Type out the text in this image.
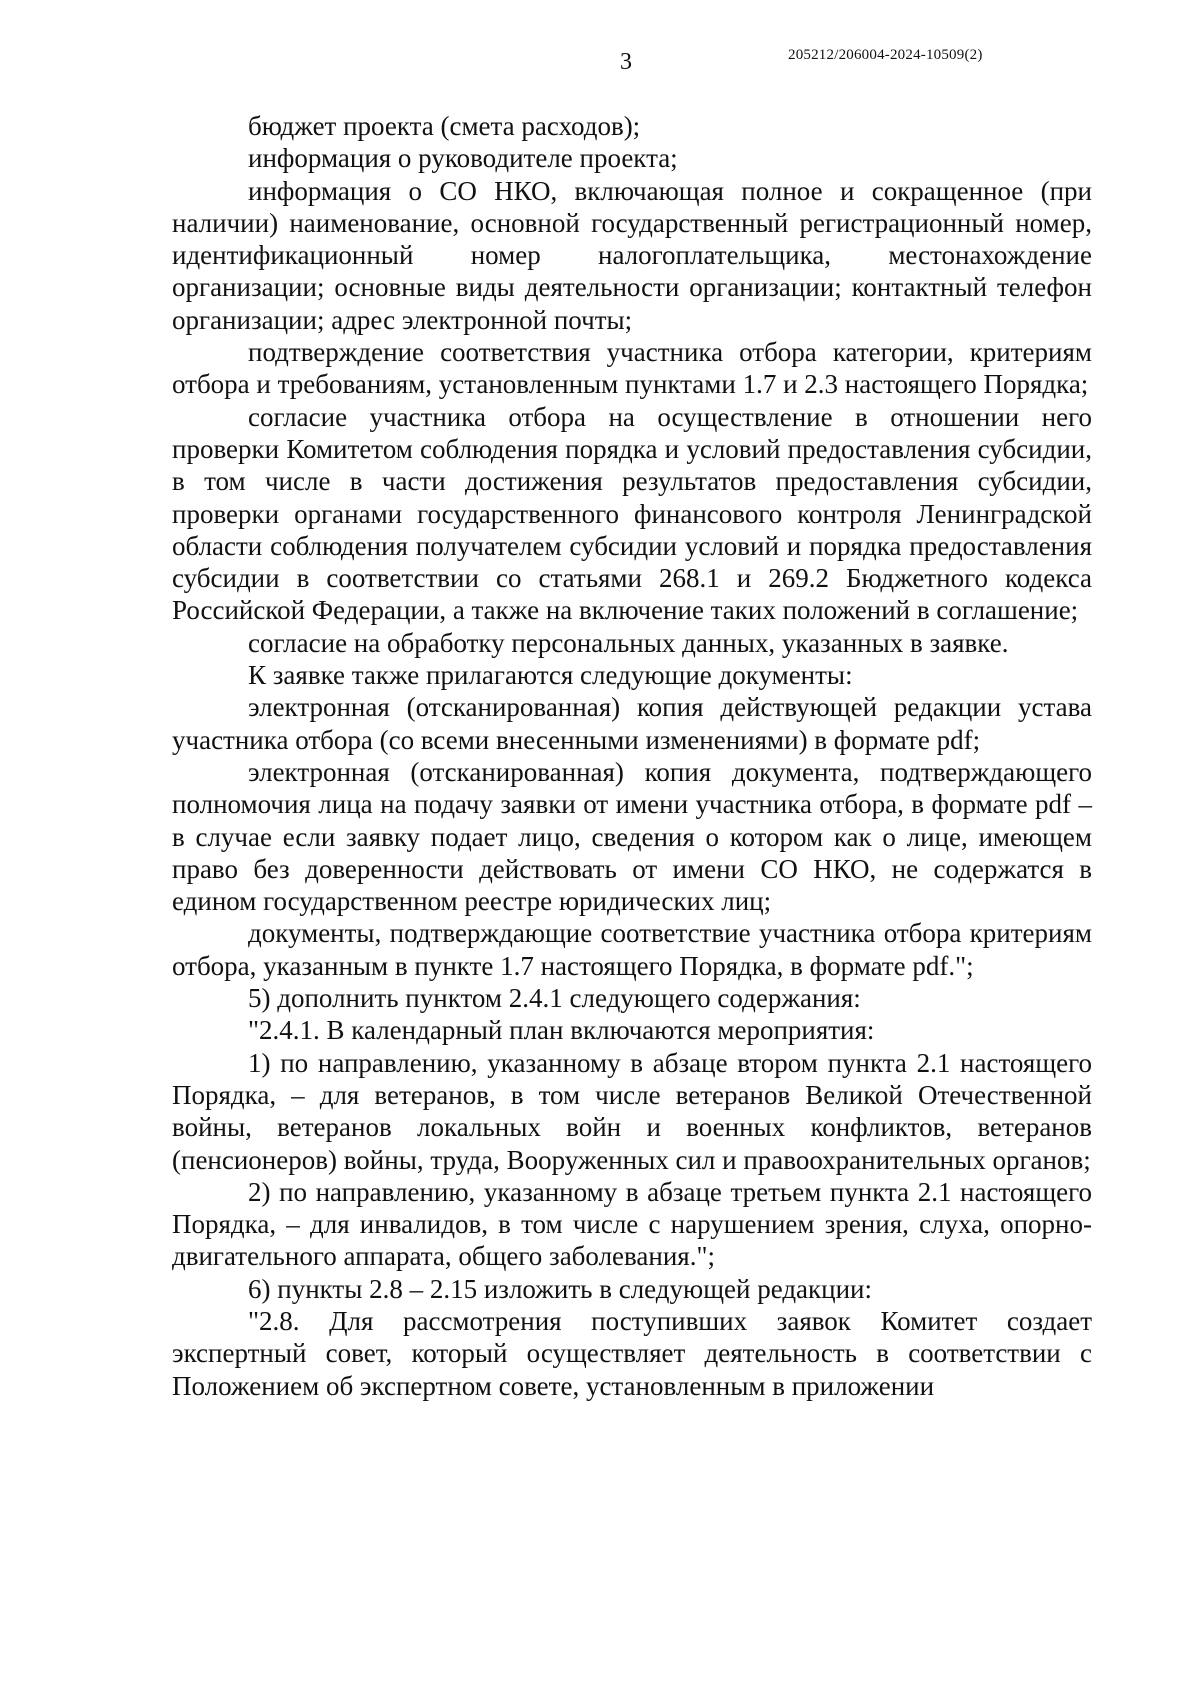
3	205212/206004-2024-10509(2)

бюджет проекта (смета расходов);

информация о руководителе проекта;

информация о СО НКО, включающая полное и сокращенное (при наличии) наименование, основной государственный регистрационный номер, идентификационный номер налогоплательщика, местонахождение организации; основные виды деятельности организации; контактный телефон организации; адрес электронной почты;

подтверждение соответствия участника отбора категории, критериям отбора и требованиям, установленным пунктами 1.7 и 2.3 настоящего Порядка;

согласие участника отбора на осуществление в отношении него проверки Комитетом соблюдения порядка и условий предоставления субсидии, в том числе в части достижения результатов предоставления субсидии, проверки органами государственного финансового контроля Ленинградской области соблюдения получателем субсидии условий и порядка предоставления субсидии в соответствии со статьями 268.1 и 269.2 Бюджетного кодекса Российской Федерации, а также на включение таких положений в соглашение;

согласие на обработку персональных данных, указанных в заявке.

К заявке также прилагаются следующие документы:

электронная (отсканированная) копия действующей редакции устава участника отбора (со всеми внесенными изменениями) в формате pdf;

электронная (отсканированная) копия документа, подтверждающего полномочия лица на подачу заявки от имени участника отбора, в формате pdf – в случае если заявку подает лицо, сведения о котором как о лице, имеющем право без доверенности действовать от имени СО НКО, не содержатся в едином государственном реестре юридических лиц;

документы, подтверждающие соответствие участника отбора критериям отбора, указанным в пункте 1.7 настоящего Порядка, в формате pdf.";

5) дополнить пунктом 2.4.1 следующего содержания:

"2.4.1. В календарный план включаются мероприятия:

1) по направлению, указанному в абзаце втором пункта 2.1 настоящего Порядка, – для ветеранов, в том числе ветеранов Великой Отечественной войны, ветеранов локальных войн и военных конфликтов, ветеранов (пенсионеров) войны, труда, Вооруженных сил и правоохранительных органов;

2) по направлению, указанному в абзаце третьем пункта 2.1 настоящего Порядка, – для инвалидов, в том числе с нарушением зрения, слуха, опорно-двигательного аппарата, общего заболевания.";

6) пункты 2.8 – 2.15 изложить в следующей редакции:

"2.8. Для рассмотрения поступивших заявок Комитет создает экспертный совет, который осуществляет деятельность в соответствии с Положением об экспертном совете, установленным в приложении
